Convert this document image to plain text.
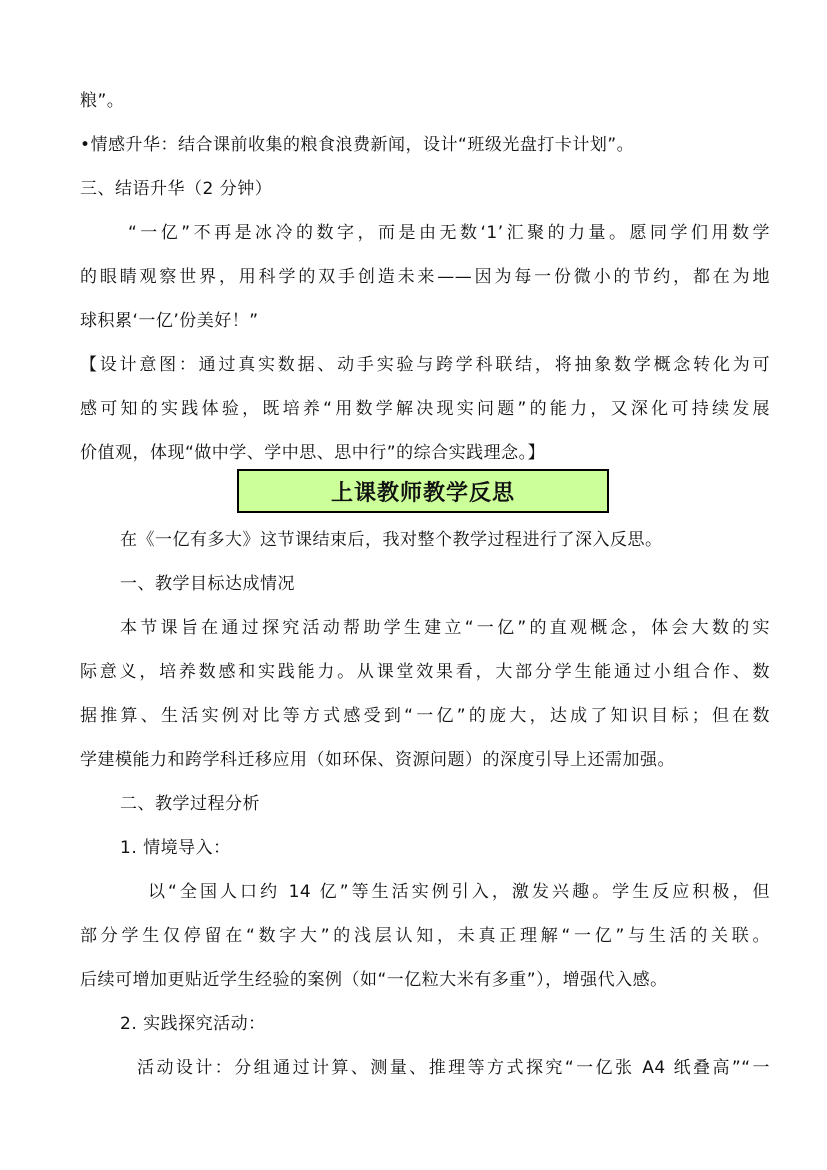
粮”。
•情感升华：结合课前收集的粮食浪费新闻，设计“班级光盘打卡计划”。
三、结语升华（2 分钟）
“一亿”不再是冰冷的数字，而是由无数‘1’汇聚的力量。愿同学们用数学
的眼睛观察世界，用科学的双手创造未来——因为每一份微小的节约，都在为地
球积累‘一亿’份美好！”
【设计意图：通过真实数据、动手实验与跨学科联结，将抽象数学概念转化为可
感可知的实践体验，既培养“用数学解决现实问题”的能力，又深化可持续发展
价值观，体现“做中学、学中思、思中行”的综合实践理念。】
上课教师教学反思
在《一亿有多大》这节课结束后，我对整个教学过程进行了深入反思。
一、教学目标达成情况
本节课旨在通过探究活动帮助学生建立“一亿”的直观概念，体会大数的实
际意义，培养数感和实践能力。从课堂效果看，大部分学生能通过小组合作、数
据推算、生活实例对比等方式感受到“一亿”的庞大，达成了知识目标；但在数
学建模能力和跨学科迁移应用（如环保、资源问题）的深度引导上还需加强。
二、教学过程分析
1. 情境导入：
以“全国人口约 14 亿”等生活实例引入，激发兴趣。学生反应积极，但
部分学生仅停留在“数字大”的浅层认知，未真正理解“一亿”与生活的关联。
后续可增加更贴近学生经验的案例（如“一亿粒大米有多重”），增强代入感。
2. 实践探究活动：
活动设计：分组通过计算、测量、推理等方式探究“一亿张 A4 纸叠高”“一
